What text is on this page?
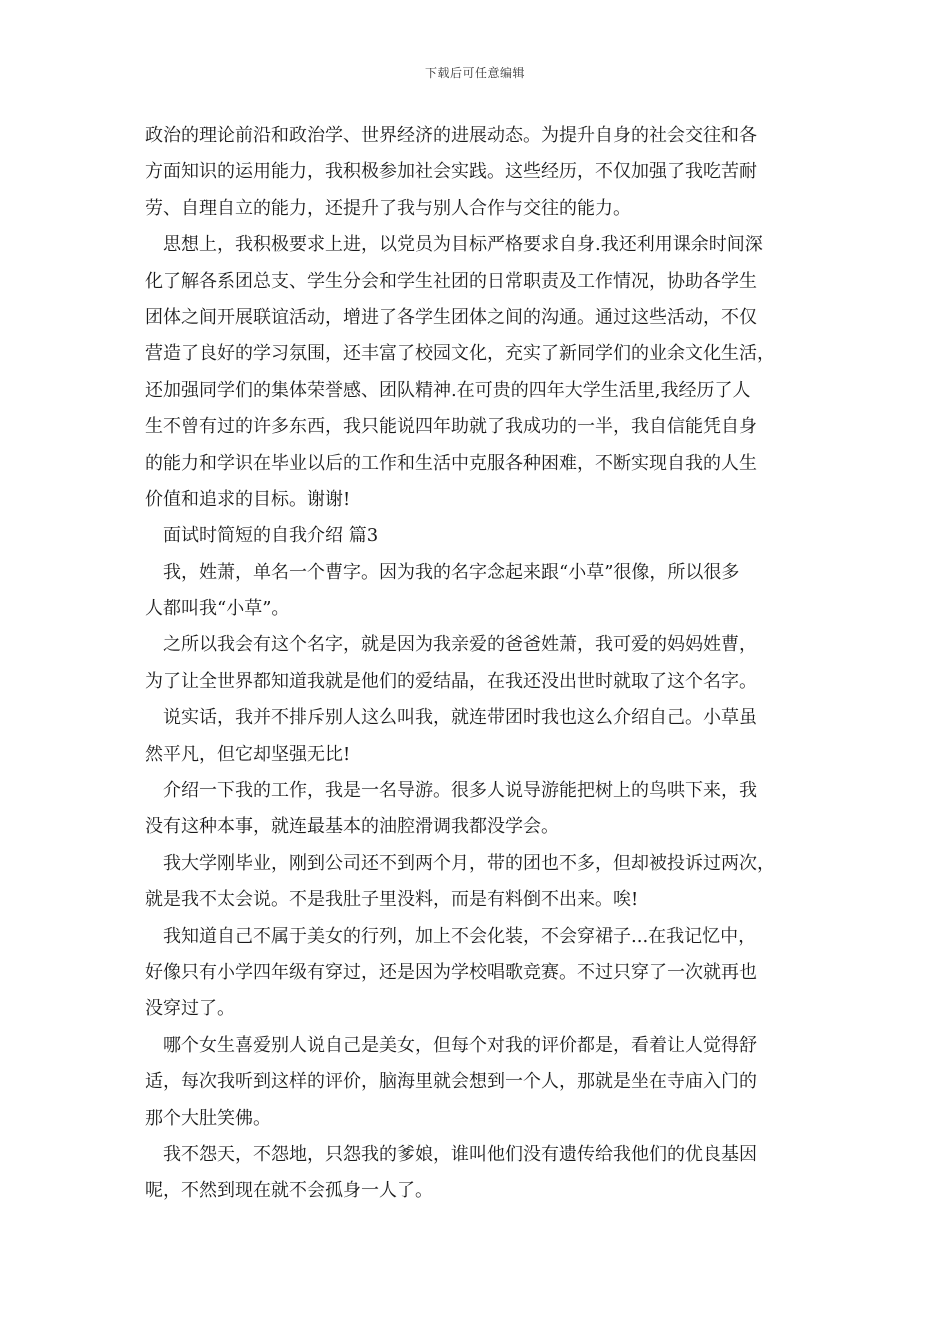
下载后可任意编辑
政治的理论前沿和政治学、世界经济的进展动态。为提升自身的社会交往和各
方面知识的运用能力，我积极参加社会实践。这些经历，不仅加强了我吃苦耐
劳、自理自立的能力，还提升了我与别人合作与交往的能力。
思想上，我积极要求上进，以党员为目标严格要求自身.我还利用课余时间深
化了解各系团总支、学生分会和学生社团的日常职责及工作情况，协助各学生
团体之间开展联谊活动，增进了各学生团体之间的沟通。通过这些活动，不仅
营造了良好的学习氛围，还丰富了校园文化，充实了新同学们的业余文化生活，
还加强同学们的集体荣誉感、团队精神.在可贵的四年大学生活里,我经历了人
生不曾有过的许多东西，我只能说四年助就了我成功的一半，我自信能凭自身
的能力和学识在毕业以后的工作和生活中克服各种困难，不断实现自我的人生
价值和追求的目标。谢谢!
面试时简短的自我介绍 篇3
我，姓萧，单名一个曹字。因为我的名字念起来跟“小草”很像，所以很多
人都叫我“小草”。
之所以我会有这个名字，就是因为我亲爱的爸爸姓萧，我可爱的妈妈姓曹，
为了让全世界都知道我就是他们的爱结晶，在我还没出世时就取了这个名字。
说实话，我并不排斥别人这么叫我，就连带团时我也这么介绍自己。小草虽
然平凡，但它却坚强无比!
介绍一下我的工作，我是一名导游。很多人说导游能把树上的鸟哄下来，我
没有这种本事，就连最基本的油腔滑调我都没学会。
我大学刚毕业，刚到公司还不到两个月，带的团也不多，但却被投诉过两次，
就是我不太会说。不是我肚子里没料，而是有料倒不出来。唉!
我知道自己不属于美女的行列，加上不会化装，不会穿裙子...在我记忆中，
好像只有小学四年级有穿过，还是因为学校唱歌竞赛。不过只穿了一次就再也
没穿过了。
哪个女生喜爱别人说自己是美女，但每个对我的评价都是，看着让人觉得舒
适，每次我听到这样的评价，脑海里就会想到一个人，那就是坐在寺庙入门的
那个大肚笑佛。
我不怨天，不怨地，只怨我的爹娘，谁叫他们没有遗传给我他们的优良基因
呢，不然到现在就不会孤身一人了。
